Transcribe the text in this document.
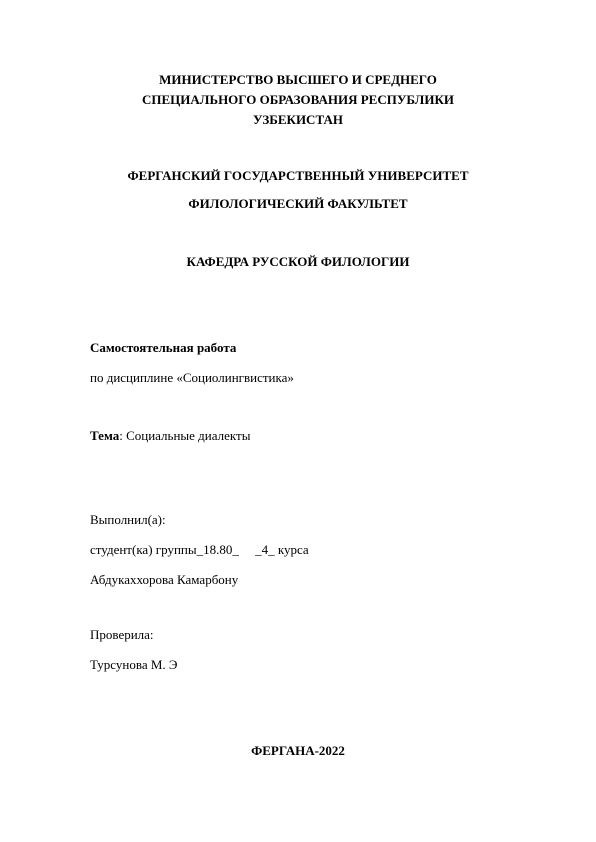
МИНИСТЕРСТВО ВЫСШЕГО И СРЕДНЕГО
СПЕЦИАЛЬНОГО ОБРАЗОВАНИЯ РЕСПУБЛИКИ
УЗБЕКИСТАН
ФЕРГАНСКИЙ ГОСУДАРСТВЕННЫЙ УНИВЕРСИТЕТ
ФИЛОЛОГИЧЕСКИЙ ФАКУЛЬТЕТ
КАФЕДРА РУССКОЙ ФИЛОЛОГИИ
Самостоятельная работа
по дисциплине «Социолингвистика»
Тема: Социальные диалекты
Выполнил(а):
студент(ка) группы_18.80_     _4_ курса
Абдукаххорова Камарбону
Проверила:
Турсунова М. Э
ФЕРГАНА-2022
